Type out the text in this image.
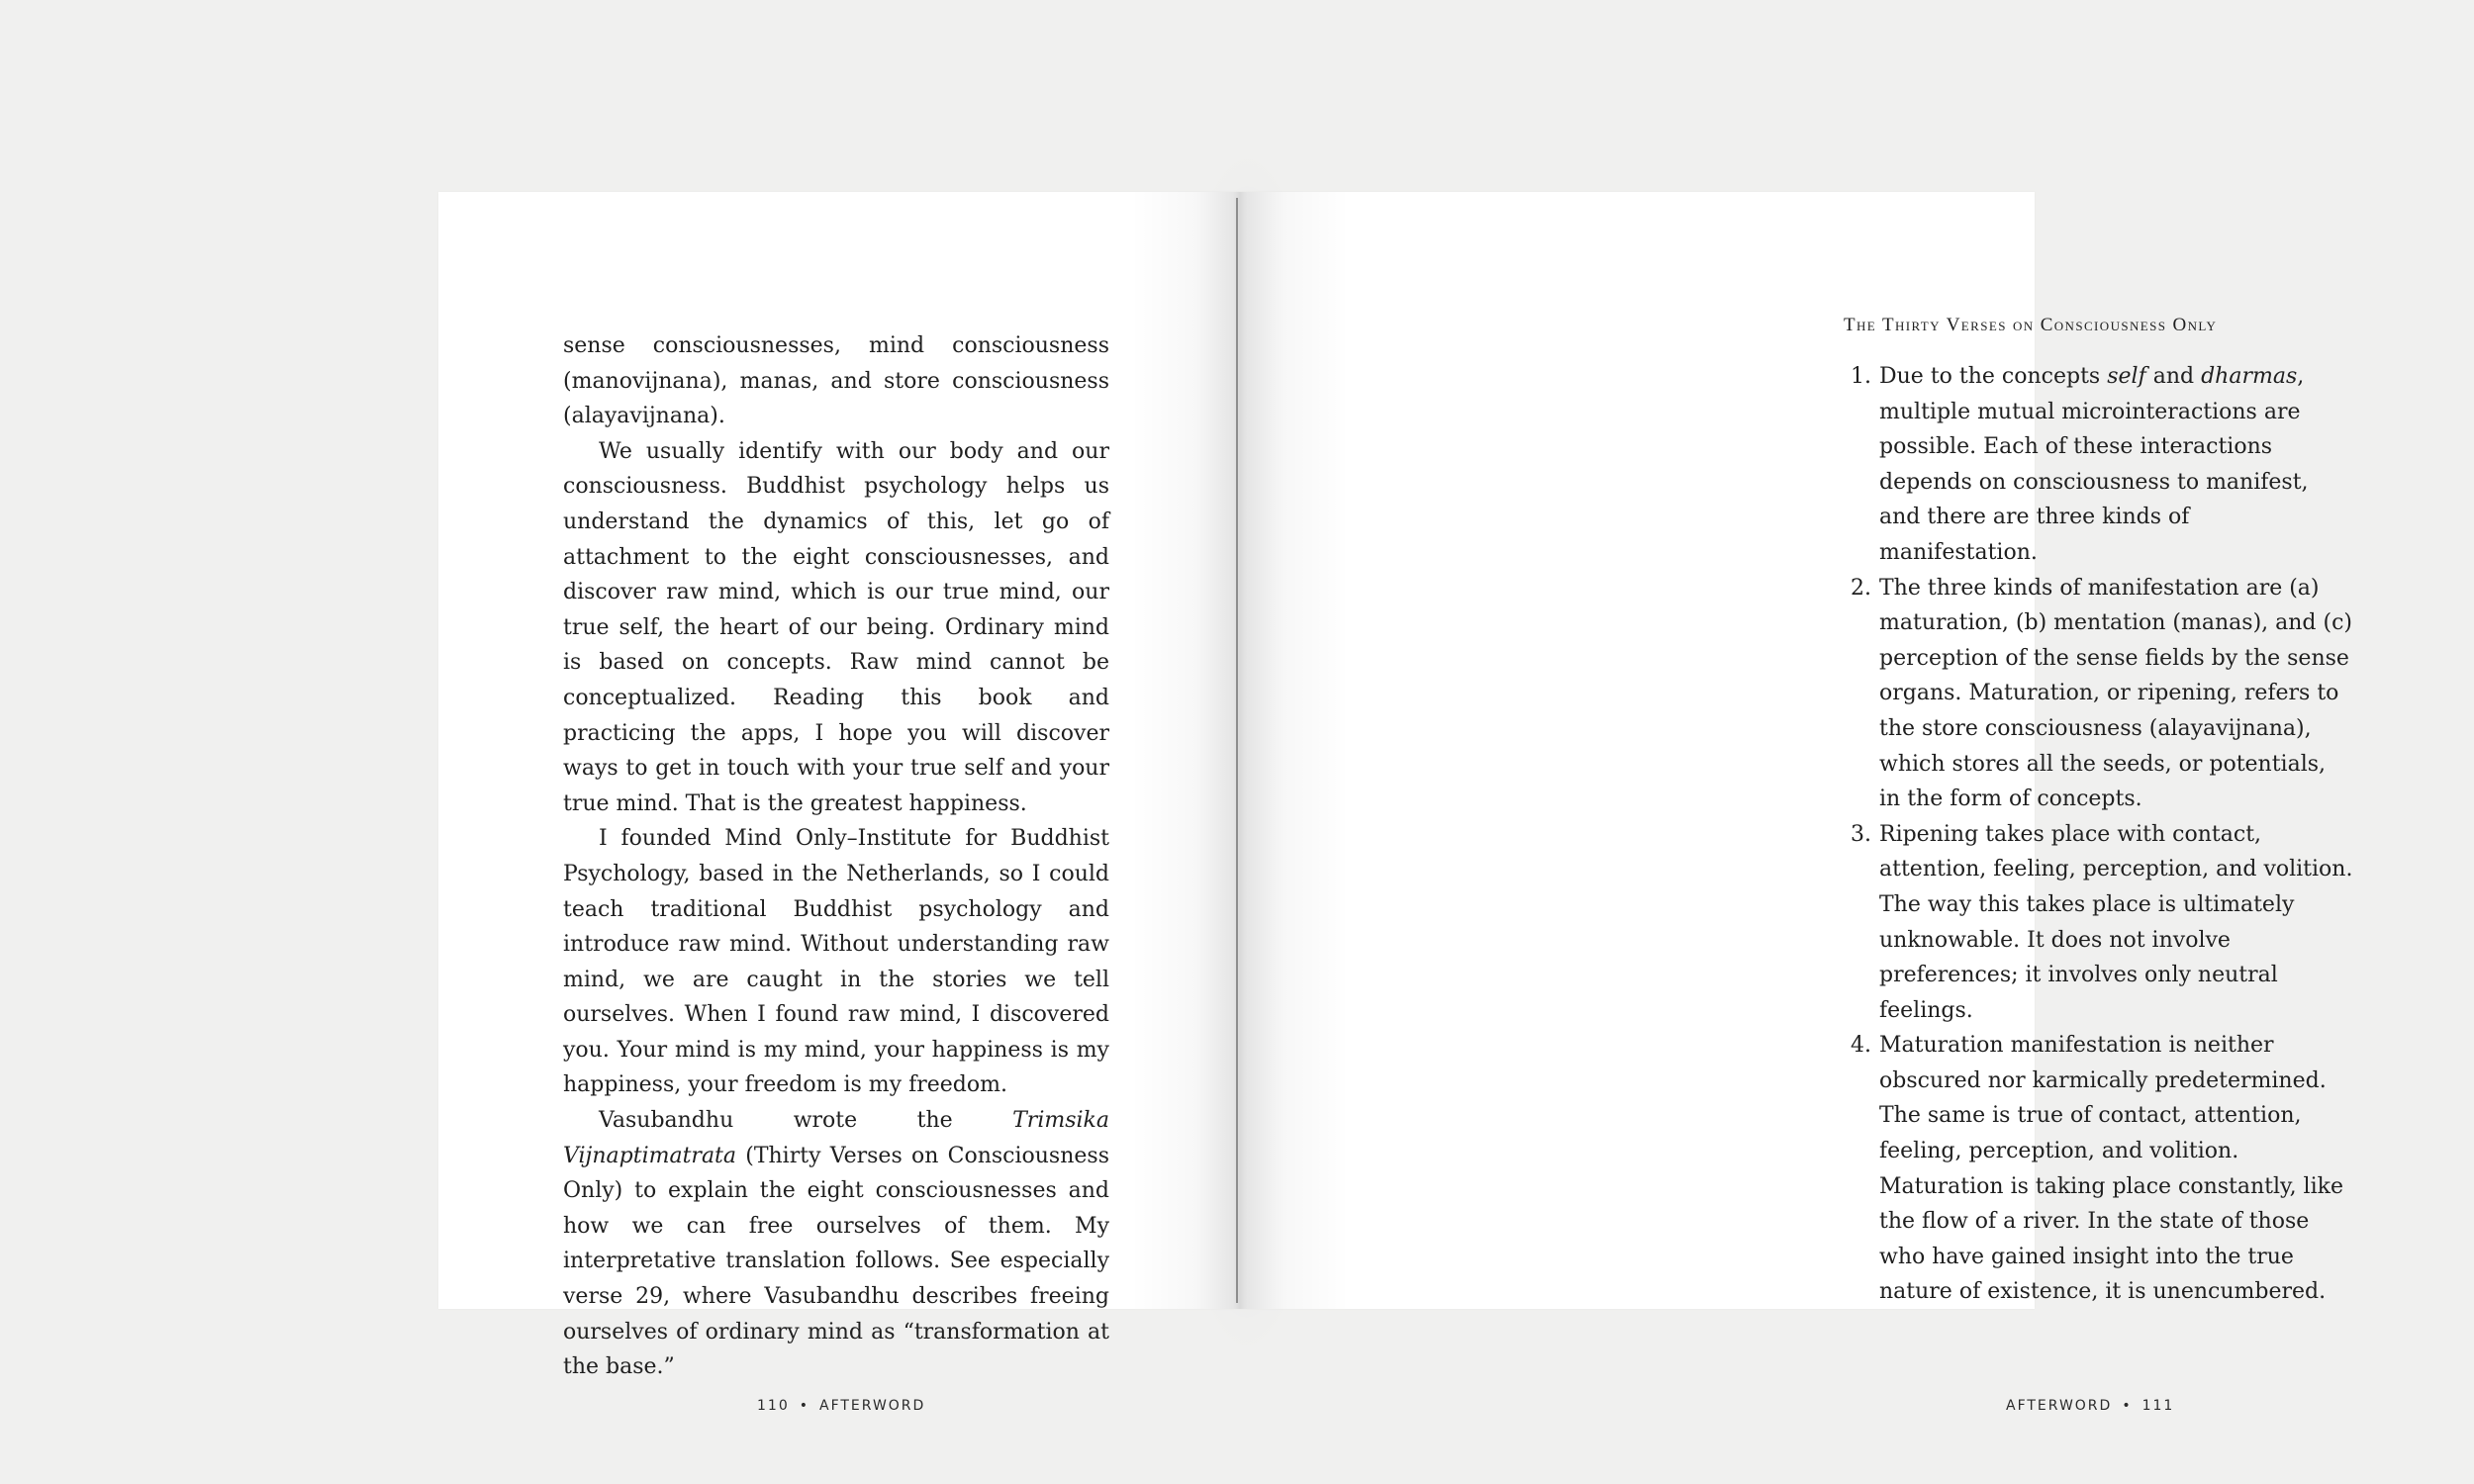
sense consciousnesses, mind consciousness (manovijnana), manas, and store consciousness (alayavijnana).

We usually identify with our body and our consciousness. Buddhist psychology helps us understand the dynamics of this, let go of attachment to the eight consciousnesses, and discover raw mind, which is our true mind, our true self, the heart of our being. Ordinary mind is based on concepts. Raw mind cannot be conceptualized. Reading this book and practicing the apps, I hope you will discover ways to get in touch with your true self and your true mind. That is the greatest happiness.

I founded Mind Only–Institute for Buddhist Psychology, based in the Netherlands, so I could teach traditional Buddhist psychology and introduce raw mind. Without understanding raw mind, we are caught in the stories we tell ourselves. When I found raw mind, I discovered you. Your mind is my mind, your happiness is my happiness, your freedom is my freedom.

Vasubandhu wrote the Trimsika Vijnaptimatrata (Thirty Verses on Consciousness Only) to explain the eight consciousnesses and how we can free ourselves of them. My interpretative translation follows. See especially verse 29, where Vasubandhu describes freeing ourselves of ordinary mind as “transformation at the base.”

110 • AFTERWORD
The Thirty Verses on Consciousness Only
1. Due to the concepts self and dharmas, multiple mutual microinteractions are possible. Each of these interactions depends on consciousness to manifest, and there are three kinds of manifestation.
2. The three kinds of manifestation are (a) maturation, (b) mentation (manas), and (c) perception of the sense fields by the sense organs. Maturation, or ripening, refers to the store consciousness (alayavijnana), which stores all the seeds, or potentials, in the form of concepts.
3. Ripening takes place with contact, attention, feeling, perception, and volition. The way this takes place is ultimately unknowable. It does not involve preferences; it involves only neutral feelings.
4. Maturation manifestation is neither obscured nor karmically predetermined. The same is true of contact, attention, feeling, perception, and volition. Maturation is taking place constantly, like the flow of a river. In the state of those who have gained insight into the true nature of existence, it is unencumbered.
AFTERWORD • 111
